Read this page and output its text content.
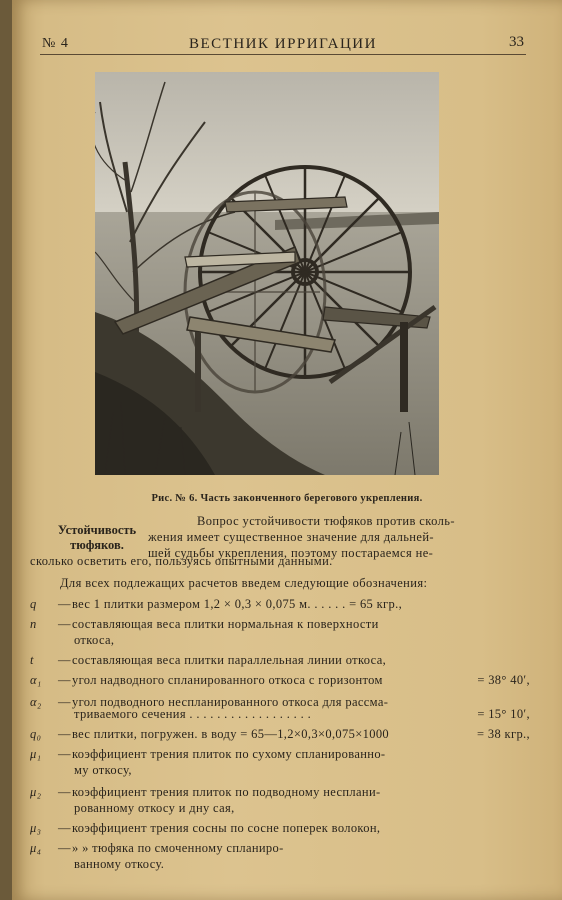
№ 4	ВЕСТНИК ИРРИГАЦИИ	33
Рис. № 6. Часть законченного берегового укрепления.
Устойчивость
тюфяков.
Вопрос устойчивости тюфяков против сколь-
жения имеет существенное значение для дальней-
шей судьбы укрепления, поэтому постараемся не-
сколько осветить его, пользуясь опытными данными.
Для всех подлежащих расчетов введем следующие обозначения:
q	— вес 1 плитки размером 1,2 × 0,3 × 0,075 м. . . . . . = 65 кгр.,
n	— составляющая веса плитки нормальная к поверхности
откоса,
t	— составляющая веса плитки параллельная линии откоса,
α₁	— угол надводного спланированного откоса с горизонтом	= 38° 40′,
α₂	— угол подводного неспланированного откоса для рассма-
триваемого сечения . . . . . . . . . . . . . . . . . .	= 15° 10′,
q₀	— вес плитки, погружен. в воду = 65—1,2×0,3×0,075×1000	= 38 кгр.,
μ₁	— коэффициент трения плиток по сухому спланированно-
му откосу,
μ₂	— коэффициент трения плиток по подводному несплани-
рованному откосу и дну сая,
μ₃	— коэффициент трения сосны по сосне поперек волокон,
μ₄	— » » тюфяка по смоченному спланиро-
ванному откосу.
